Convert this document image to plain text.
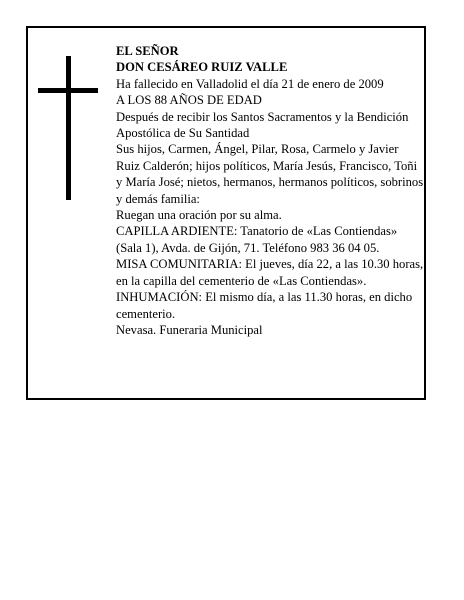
EL SEÑOR

DON CESÁREO RUIZ VALLE

Ha fallecido en Valladolid el día 21 de enero de 2009

A LOS 88 AÑOS DE EDAD

Después de recibir los Santos Sacramentos y la Bendición Apostólica de Su Santidad

Sus hijos, Carmen, Ángel, Pilar, Rosa, Carmelo y Javier Ruiz Calderón; hijos políticos, María Jesús, Francisco, Toñi y María José; nietos, hermanos, hermanos políticos, sobrinos y demás familia:

Ruegan una oración por su alma.

CAPILLA ARDIENTE: Tanatorio de «Las Contiendas» (Sala 1), Avda. de Gijón, 71. Teléfono 983 36 04 05.

MISA COMUNITARIA: El jueves, día 22, a las 10.30 horas, en la capilla del cementerio de «Las Contiendas».

INHUMACIÓN: El mismo día, a las 11.30 horas, en dicho cementerio.

Nevasa. Funeraria Municipal
